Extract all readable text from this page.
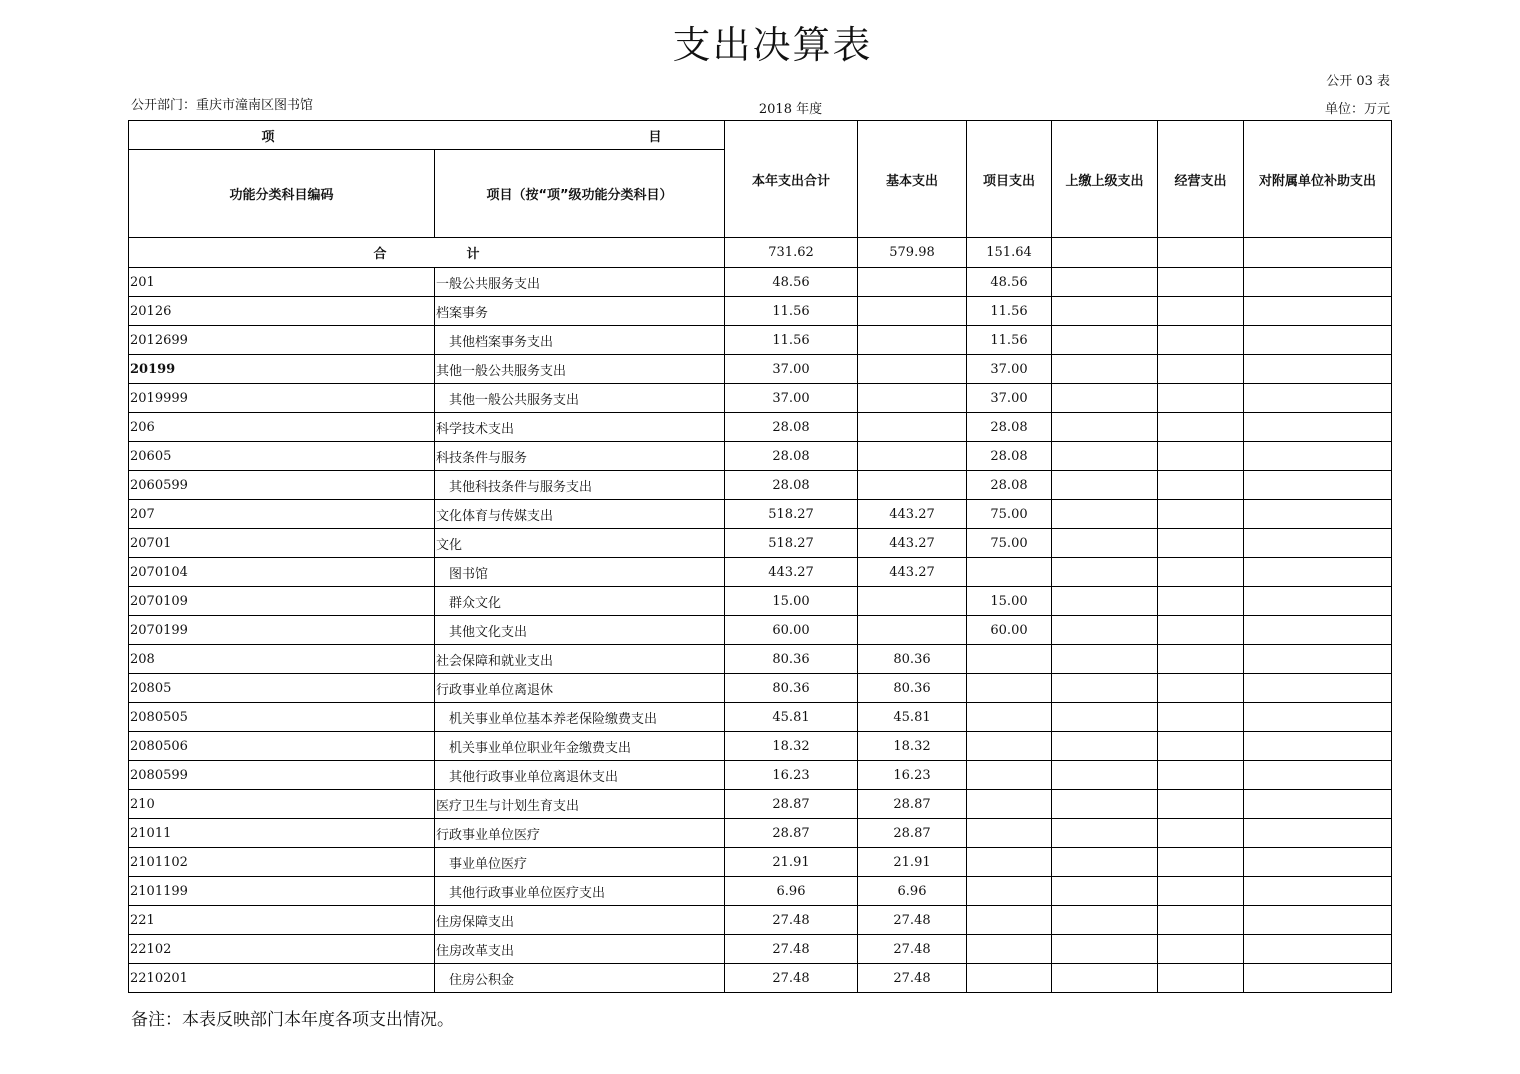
支出决算表
公开 03 表
公开部门：重庆市潼南区图书馆	2018 年度	单位：万元
项 目		本年支出合计	基本支出	项目支出	上缴上级支出	经营支出	对附属单位补助支出
功能分类科目编码	项目（按“项”级功能分类科目）						
合 计		731.62	579.98	151.64			
201	一般公共服务支出	48.56		48.56			
20126	档案事务	11.56		11.56			
2012699	其他档案事务支出	11.56		11.56			
20199	其他一般公共服务支出	37.00		37.00			
2019999	其他一般公共服务支出	37.00		37.00			
206	科学技术支出	28.08		28.08			
20605	科技条件与服务	28.08		28.08			
2060599	其他科技条件与服务支出	28.08		28.08			
207	文化体育与传媒支出	518.27	443.27	75.00			
20701	文化	518.27	443.27	75.00			
2070104	图书馆	443.27	443.27				
2070109	群众文化	15.00		15.00			
2070199	其他文化支出	60.00		60.00			
208	社会保障和就业支出	80.36	80.36				
20805	行政事业单位离退休	80.36	80.36				
2080505	机关事业单位基本养老保险缴费支出	45.81	45.81				
2080506	机关事业单位职业年金缴费支出	18.32	18.32				
2080599	其他行政事业单位离退休支出	16.23	16.23				
210	医疗卫生与计划生育支出	28.87	28.87				
21011	行政事业单位医疗	28.87	28.87				
2101102	事业单位医疗	21.91	21.91				
2101199	其他行政事业单位医疗支出	6.96	6.96				
221	住房保障支出	27.48	27.48				
22102	住房改革支出	27.48	27.48				
2210201	住房公积金	27.48	27.48				
备注：本表反映部门本年度各项支出情况。
